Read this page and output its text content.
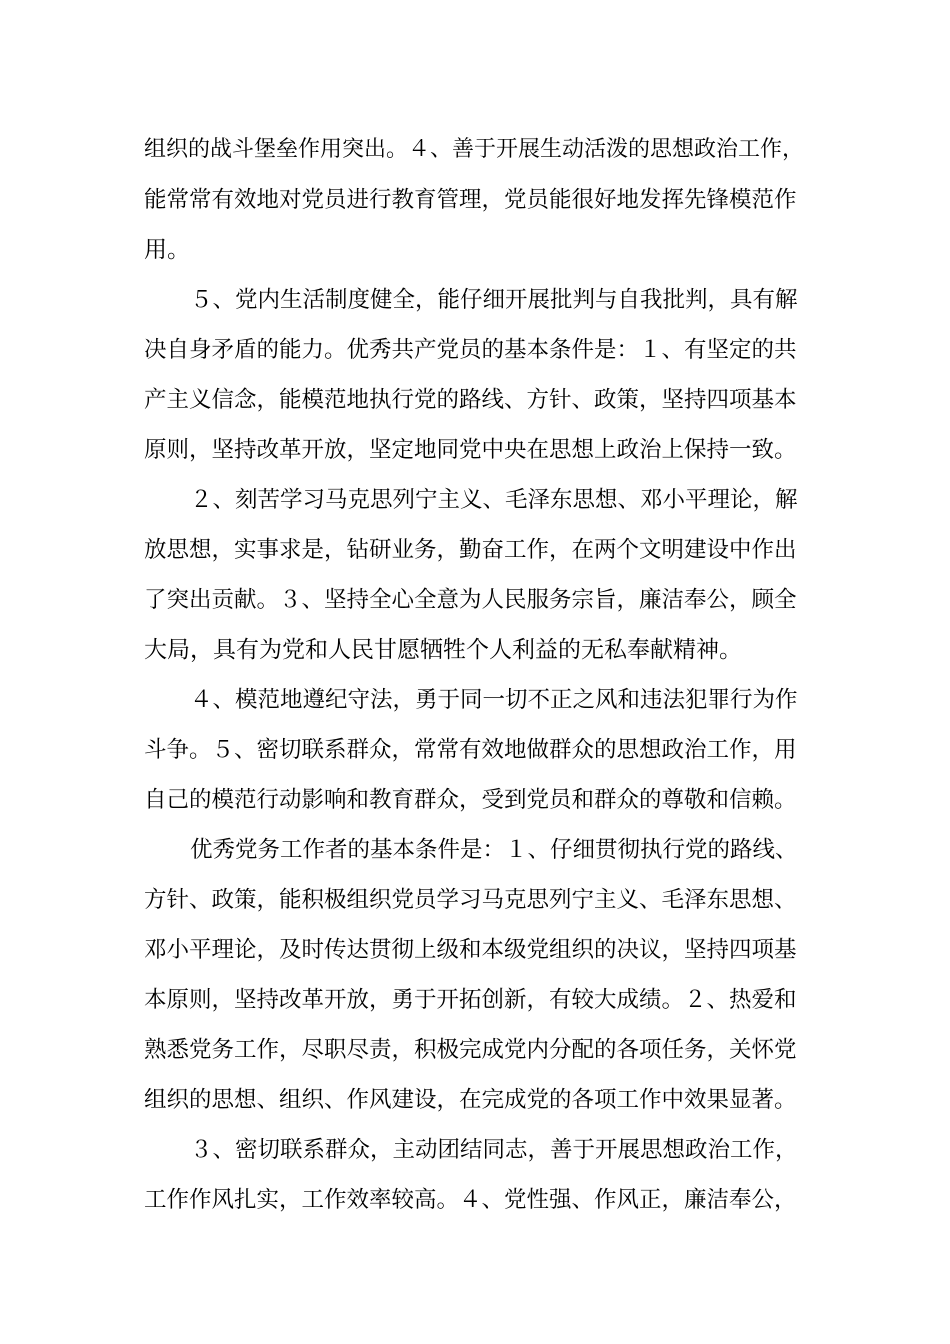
组织的战斗堡垒作用突出。４、善于开展生动活泼的思想政治工作，
能常常有效地对党员进行教育管理，党员能很好地发挥先锋模范作
用。
５、党内生活制度健全，能仔细开展批判与自我批判，具有解
决自身矛盾的能力。优秀共产党员的基本条件是：１、有坚定的共
产主义信念，能模范地执行党的路线、方针、政策，坚持四项基本
原则，坚持改革开放，坚定地同党中央在思想上政治上保持一致。
２、刻苦学习马克思列宁主义、毛泽东思想、邓小平理论，解
放思想，实事求是，钻研业务，勤奋工作，在两个文明建设中作出
了突出贡献。３、坚持全心全意为人民服务宗旨，廉洁奉公，顾全
大局，具有为党和人民甘愿牺牲个人利益的无私奉献精神。
４、模范地遵纪守法，勇于同一切不正之风和违法犯罪行为作
斗争。５、密切联系群众，常常有效地做群众的思想政治工作，用
自己的模范行动影响和教育群众，受到党员和群众的尊敬和信赖。
优秀党务工作者的基本条件是：１、仔细贯彻执行党的路线、
方针、政策，能积极组织党员学习马克思列宁主义、毛泽东思想、
邓小平理论，及时传达贯彻上级和本级党组织的决议，坚持四项基
本原则，坚持改革开放，勇于开拓创新，有较大成绩。２、热爱和
熟悉党务工作，尽职尽责，积极完成党内分配的各项任务，关怀党
组织的思想、组织、作风建设，在完成党的各项工作中效果显著。
３、密切联系群众，主动团结同志，善于开展思想政治工作，
工作作风扎实，工作效率较高。４、党性强、作风正，廉洁奉公，
